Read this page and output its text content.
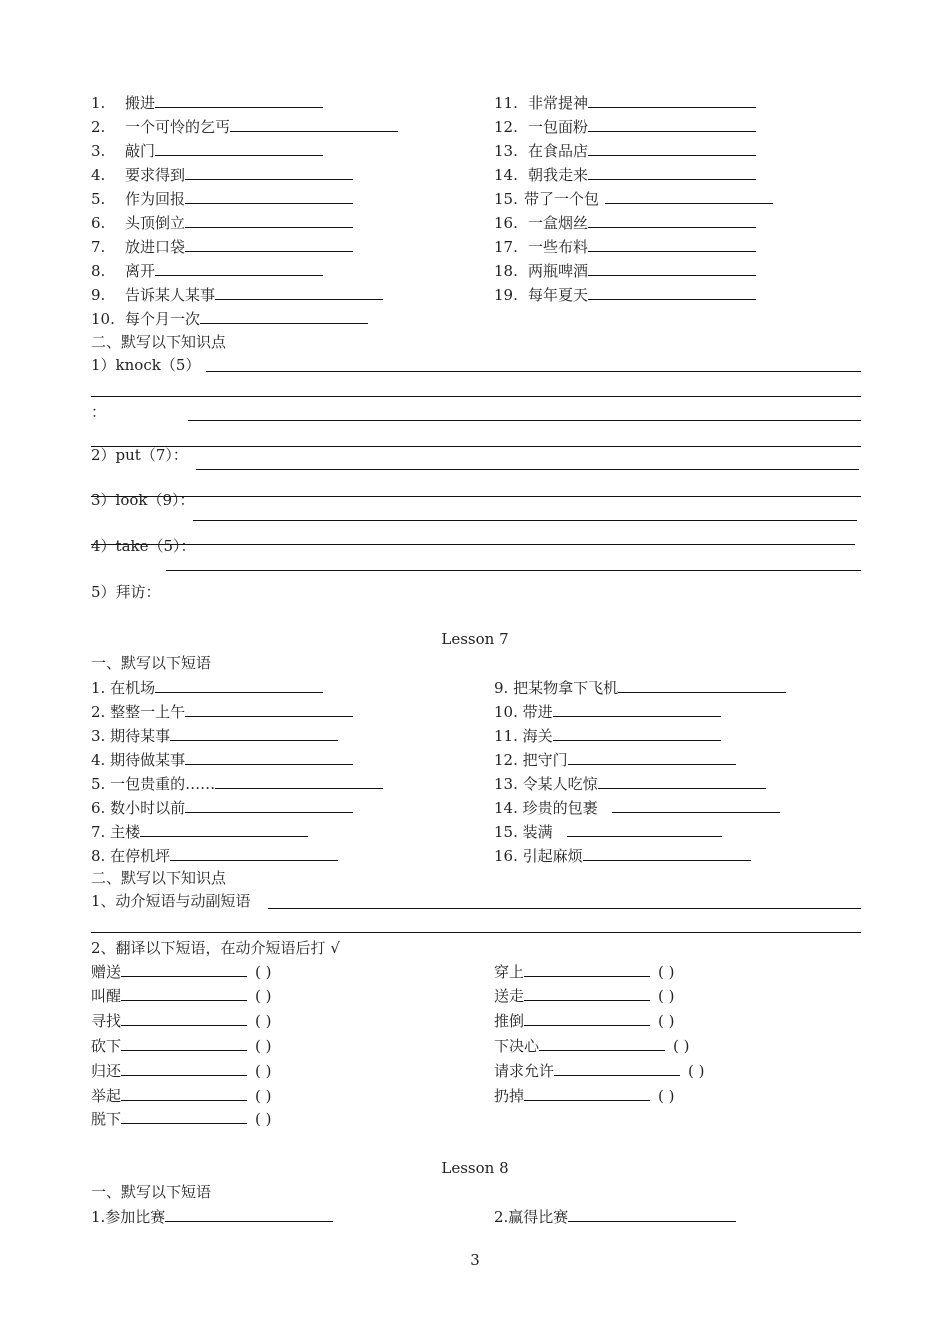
1. 搬进
2. 一个可怜的乞丐
3. 敲门
4. 要求得到
5. 作为回报
6. 头顶倒立
7. 放进口袋
8. 离开
9. 告诉某人某事
10. 每个月一次
11. 非常提神
12. 一包面粉
13. 在食品店
14. 朝我走来
15. 带了一个包
16. 一盒烟丝
17. 一些布料
18. 两瓶啤酒
19. 每年夏天
二、默写以下知识点
1）knock（5）
：
2）put（7）：
3）look（9）：
4）take（5）：
5）拜访：
Lesson 7
一、默写以下短语
1. 在机场
2. 整整一上午
3. 期待某事
4. 期待做某事
5. 一包贵重的……
6. 数小时以前
7. 主楼
8. 在停机坪
9. 把某物拿下飞机
10. 带进
11. 海关
12. 把守门
13. 令某人吃惊
14. 珍贵的包裹
15. 装满
16. 引起麻烦
二、默写以下知识点
1、动介短语与动副短语
2、翻译以下短语，在动介短语后打 √
赠送	( )
叫醒	( )
寻找	( )
砍下	( )
归还	( )
举起	( )
脱下	( )
穿上	( )
送走	( )
推倒	( )
下决心	( )
请求允许	( )
扔掉	( )
Lesson 8
一、默写以下短语
1.参加比赛	2.赢得比赛
3
